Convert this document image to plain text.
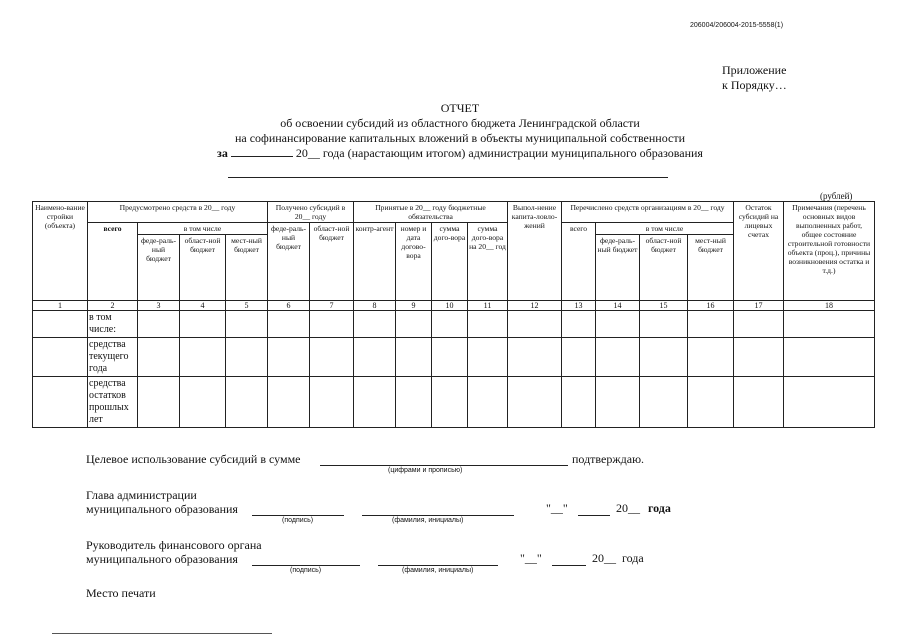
206004/206004-2015-5558(1)
Приложение
к Порядку…
ОТЧЕТ
об освоении субсидий из областного бюджета Ленинградской области
на софинансирование капитальных вложений в объекты муниципальной собственности
за	20__ года (нарастающим итогом) администрации муниципального образования
(рублей)
Наимено-вание стройки (объекта)	Предусмотрено средств в 20__ году				Получено субсидий в 20__ году		Принятые в 20__ году бюджетные обязательства				Выпол-нение капита-ловло-жений	Перечислено средств организациям в 20__ году				Остаток субсидий на лицевых счетах	Примечания (перечень основных видов выполненных работ, общее состояние строительной готовности объекта (проц.), причины возникновения остатка и т.д.)
	всего	в том числе			феде-раль-ный бюджет	област-ной бюджет	контр-агент	номер и дата догово-вора	сумма дого-вора	сумма дого-вора на 20__ год		всего	в том числе				
		феде-раль-ный бюджет	област-ной бюджет	мест-ный бюджет									феде-раль-ный бюджет	област-ной бюджет	мест-ный бюджет		
1	2	3	4	5	6	7	8	9	10	11	12	13	14	15	16	17	18
	в том числе:																
	средства текущего года																
	средства остатков прошлых лет																
Целевое использование субсидий в сумме	подтверждаю.
(цифрами и прописью)
Глава администрации
муниципального образования	"__"	20__ года
(подпись)	(фамилия, инициалы)
Руководитель финансового органа
муниципального образования	"__"	20__ года
(подпись)	(фамилия, инициалы)
Место печати
